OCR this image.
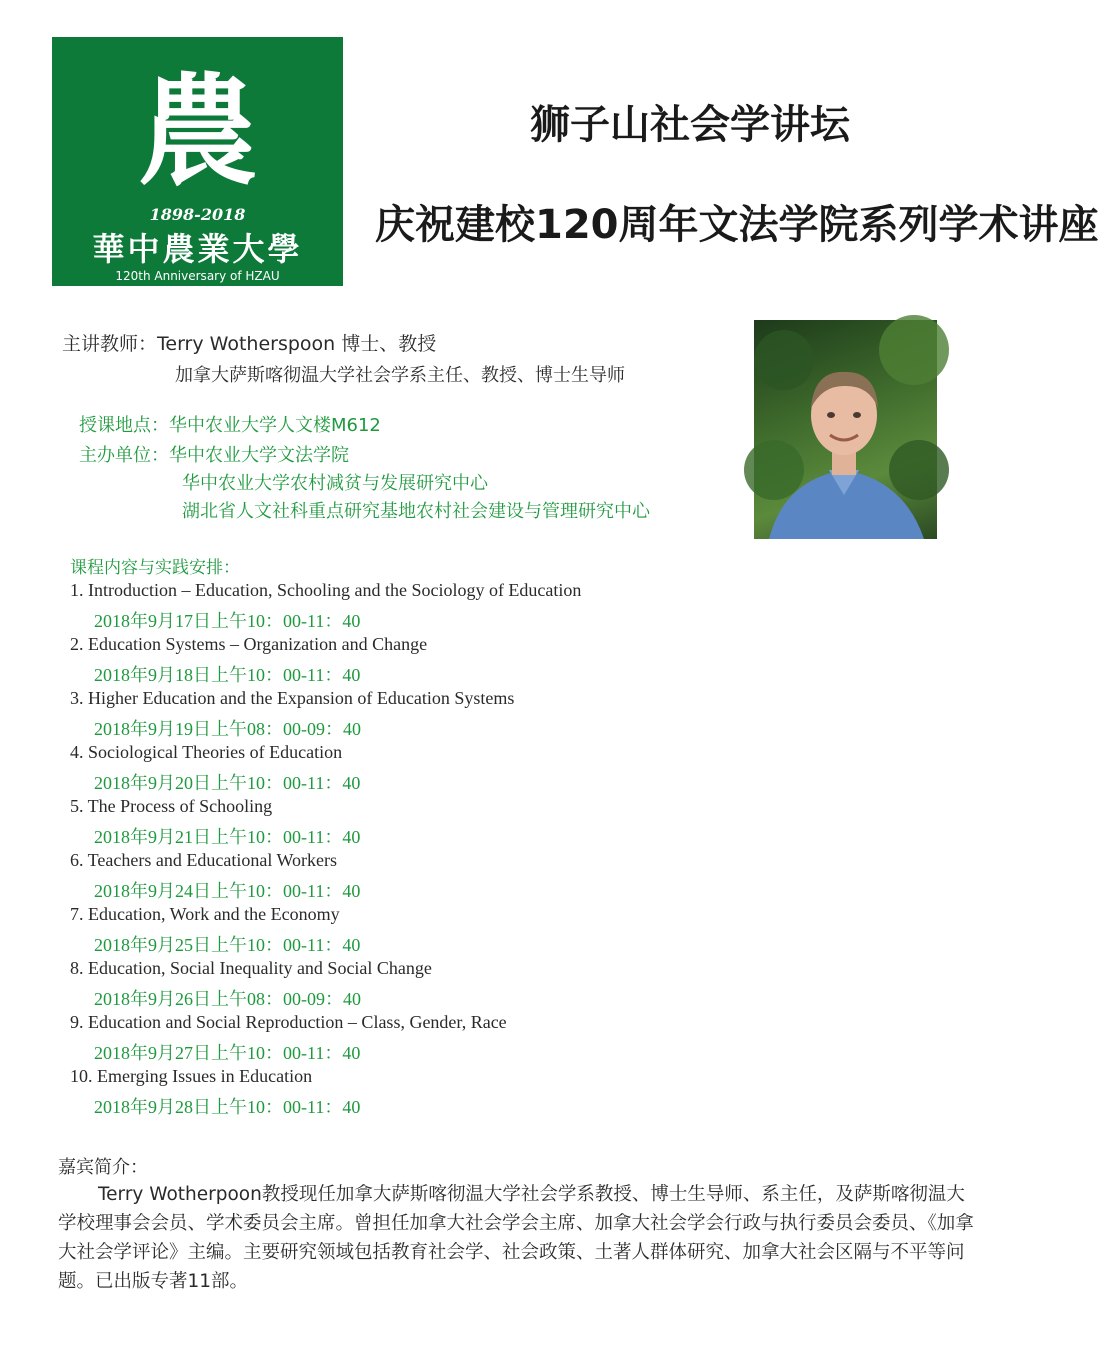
農
1898-2018
華中農業大學
120th Anniversary of HZAU
狮子山社会学讲坛
庆祝建校120周年文法学院系列学术讲座
主讲教师：Terry Wotherspoon 博士、教授
加拿大萨斯喀彻温大学社会学系主任、教授、博士生导师
授课地点：华中农业大学人文楼M612
主办单位：华中农业大学文法学院
华中农业大学农村减贫与发展研究中心
湖北省人文社科重点研究基地农村社会建设与管理研究中心
课程内容与实践安排：
1. Introduction – Education, Schooling and the Sociology of Education
2018年9月17日上午10：00-11：40
2. Education Systems – Organization and Change
2018年9月18日上午10：00-11：40
3. Higher Education and the Expansion of Education Systems
2018年9月19日上午08：00-09：40
4. Sociological Theories of Education
2018年9月20日上午10：00-11：40
5. The Process of Schooling
2018年9月21日上午10：00-11：40
6. Teachers and Educational Workers
2018年9月24日上午10：00-11：40
7. Education, Work and the Economy
2018年9月25日上午10：00-11：40
8. Education, Social Inequality and Social Change
2018年9月26日上午08：00-09：40
9. Education and Social Reproduction – Class, Gender, Race
2018年9月27日上午10：00-11：40
10. Emerging Issues in Education
2018年9月28日上午10：00-11：40
嘉宾简介：
Terry Wotherpoon教授现任加拿大萨斯喀彻温大学社会学系教授、博士生导师、系主任，及萨斯喀彻温大学校理事会会员、学术委员会主席。曾担任加拿大社会学会主席、加拿大社会学会行政与执行委员会委员、《加拿大社会学评论》主编。主要研究领域包括教育社会学、社会政策、土著人群体研究、加拿大社会区隔与不平等问题。已出版专著11部。
